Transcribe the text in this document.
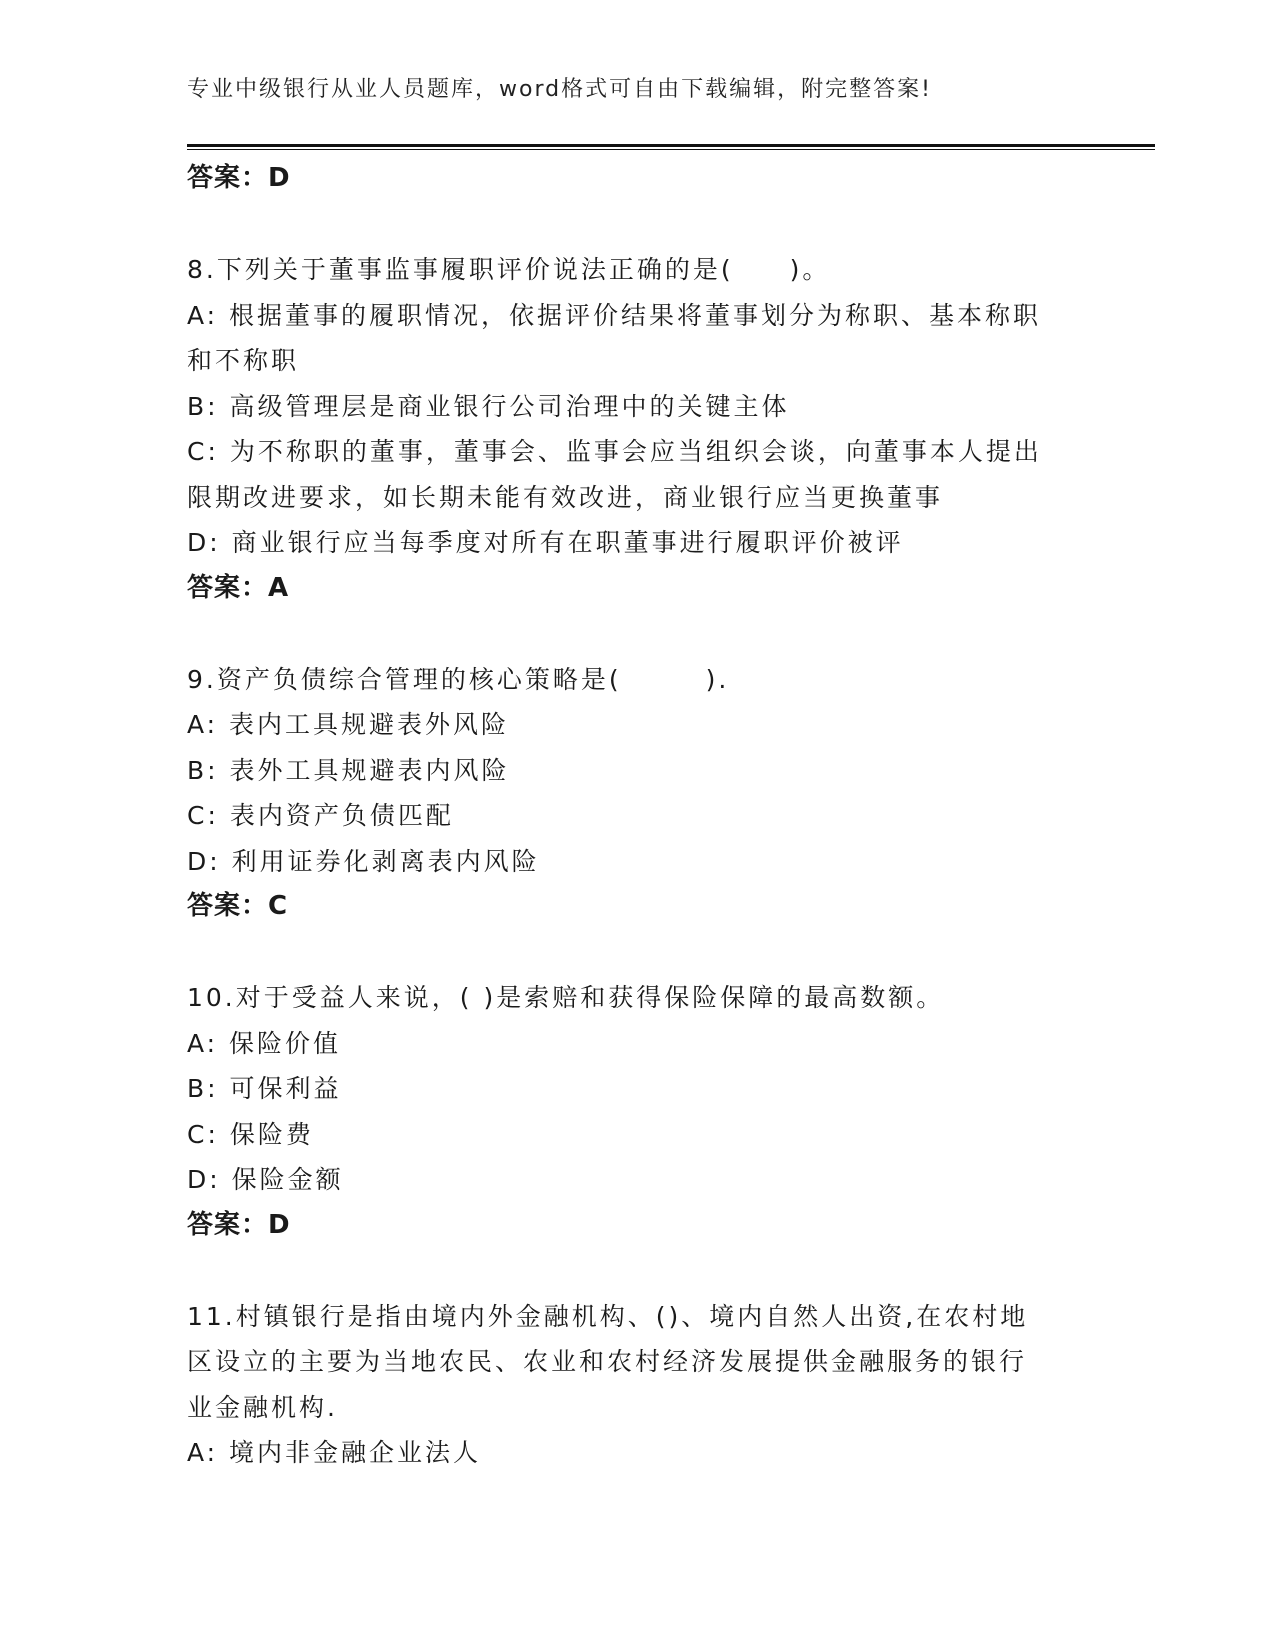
专业中级银行从业人员题库，word格式可自由下载编辑，附完整答案!
答案：D
8.下列关于董事监事履职评价说法正确的是(　　)。
A: 根据董事的履职情况，依据评价结果将董事划分为称职、基本称职
和不称职
B: 高级管理层是商业银行公司治理中的关键主体
C: 为不称职的董事，董事会、监事会应当组织会谈，向董事本人提出
限期改进要求，如长期未能有效改进，商业银行应当更换董事
D: 商业银行应当每季度对所有在职董事进行履职评价被评
答案：A
9.资产负债综合管理的核心策略是(　　　).　
A: 表内工具规避表外风险
B: 表外工具规避表内风险
C: 表内资产负债匹配
D: 利用证券化剥离表内风险
答案：C
10.对于受益人来说，( )是索赔和获得保险保障的最高数额。
A: 保险价值
B: 可保利益
C: 保险费
D: 保险金额
答案：D
11.村镇银行是指由境内外金融机构、()、境内自然人出资,在农村地
区设立的主要为当地农民、农业和农村经济发展提供金融服务的银行
业金融机构.
A: 境内非金融企业法人
